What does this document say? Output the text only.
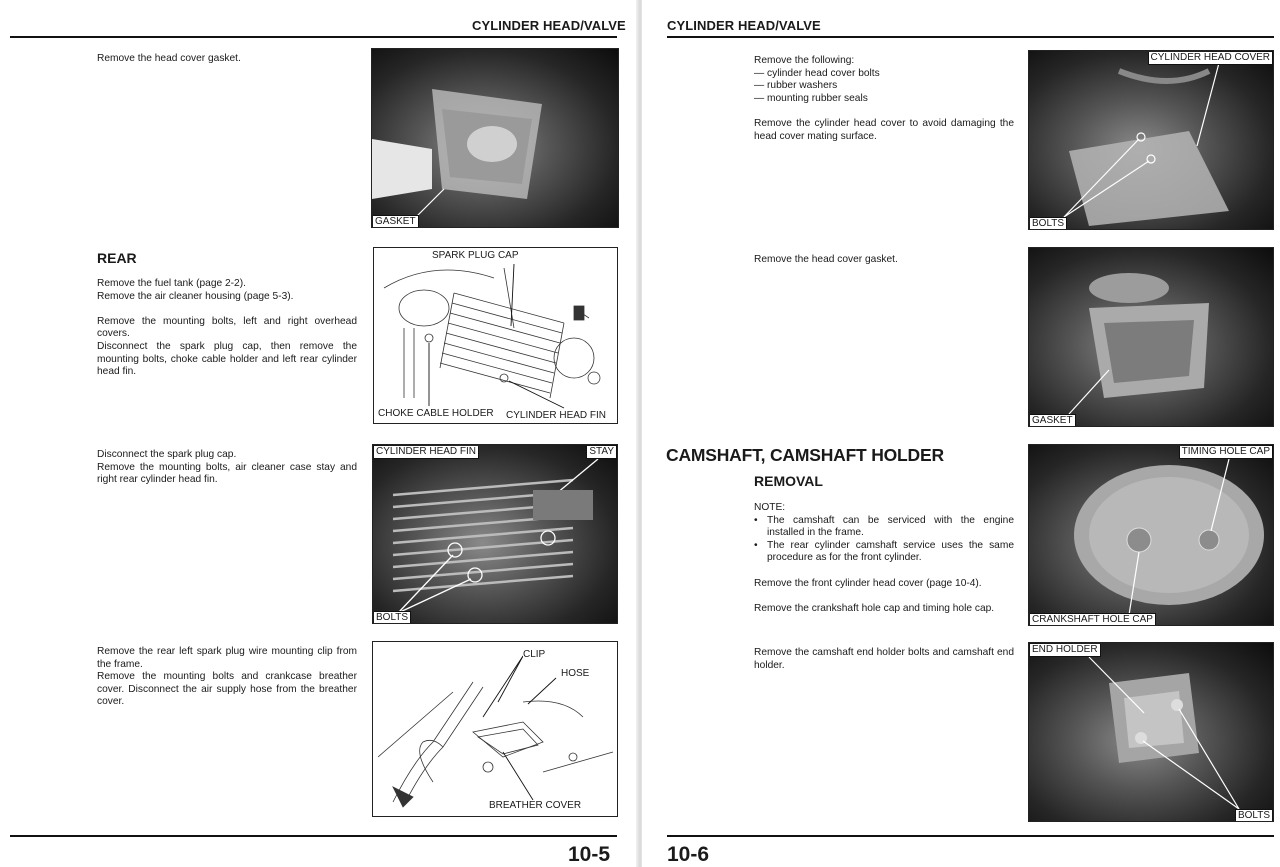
CYLINDER HEAD/VALVE

Remove the head cover gasket.

GASKET
REAR

Remove the fuel tank (page 2-2).
Remove the air cleaner housing (page 5-3).

Remove the mounting bolts, left and right overhead covers.

Disconnect the spark plug cap, then remove the mounting bolts, choke cable holder and left rear cylinder head fin.

SPARK PLUG CAP
CHOKE CABLE HOLDER CYLINDER HEAD FIN

Disconnect the spark plug cap.
Remove the mounting bolts, air cleaner case stay and right rear cylinder head fin.

CYLINDER HEAD FIN	STAY
BOLTS

Remove the rear left spark plug wire mounting clip from the frame.
Remove the mounting bolts and crankcase breather cover. Disconnect the air supply hose from the breather cover.

CLIP
HOSE
BREATHER COVER
10-5
CYLINDER HEAD/VALVE

Remove the following:
— cylinder head cover bolts
— rubber washers
— mounting rubber seals

Remove the cylinder head cover to avoid damaging the head cover mating surface.

CYLINDER HEAD COVER
BOLTS

Remove the head cover gasket.

GASKET
CAMSHAFT, CAMSHAFT HOLDER
REMOVAL
NOTE:
• The camshaft can be serviced with the engine installed in the frame.
• The rear cylinder camshaft service uses the same procedure as for the front cylinder.

Remove the front cylinder head cover (page 10-4).

Remove the crankshaft hole cap and timing hole cap.

TIMING HOLE CAP
CRANKSHAFT HOLE CAP

Remove the camshaft end holder bolts and camshaft end holder.

END HOLDER
BOLTS
10-6
